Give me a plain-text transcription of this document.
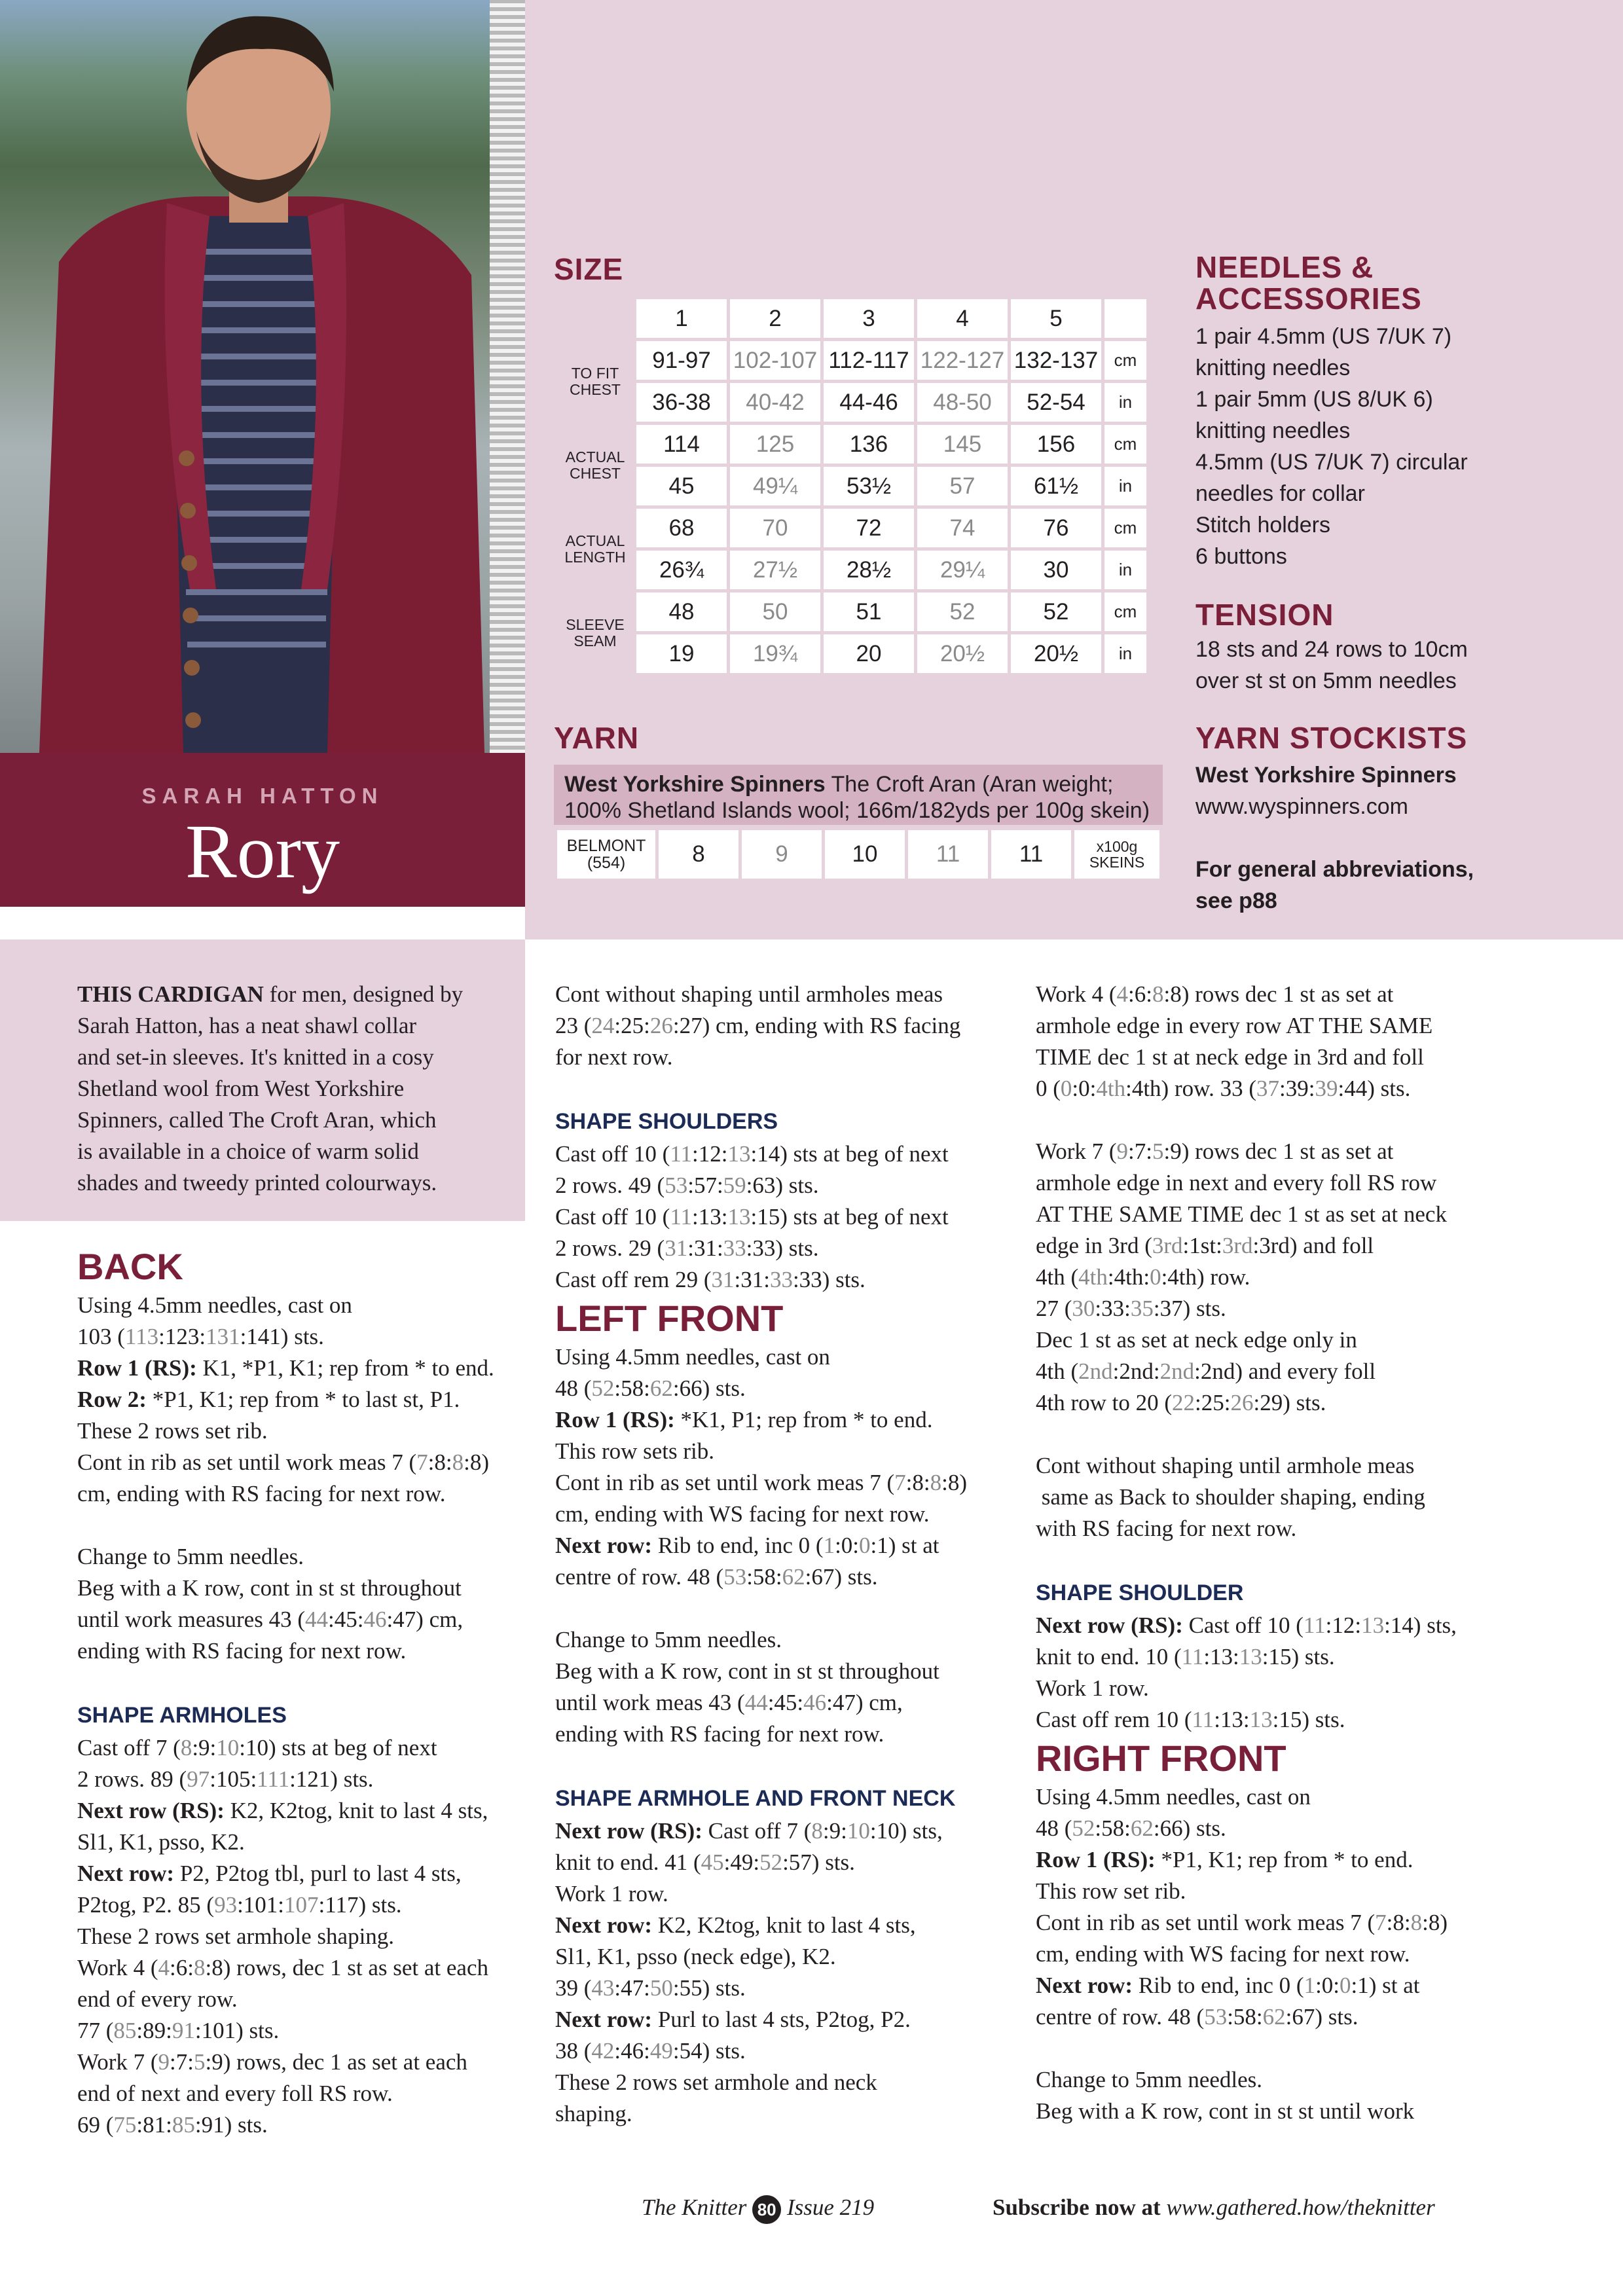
SARAH HATTON
Rory
SIZE
	1	2	3	4	5	
TO FIT
CHEST	91-97	102-107	112-117	122-127	132-137	cm
	36-38	40-42	44-46	48-50	52-54	in
ACTUAL
CHEST	114	125	136	145	156	cm
	45	49¼	53½	57	61½	in
ACTUAL
LENGTH	68	70	72	74	76	cm
	26¾	27½	28½	29¼	30	in
SLEEVE
SEAM	48	50	51	52	52	cm
	19	19¾	20	20½	20½	in
YARN
West Yorkshire Spinners The Croft Aran (Aran weight;
100% Shetland Islands wool; 166m/182yds per 100g skein)
BELMONT
(554)	8	9	10	11	11	x100g
SKEINS
NEEDLES &
ACCESSORIES
1 pair 4.5mm (US 7/UK 7)
knitting needles
1 pair 5mm (US 8/UK 6)
knitting needles
4.5mm (US 7/UK 7) circular
needles for collar
Stitch holders
6 buttons
TENSION
18 sts and 24 rows to 10cm
over st st on 5mm needles
YARN STOCKISTS
West Yorkshire Spinners
www.wyspinners.com
For general abbreviations,
see p88

THIS CARDIGAN for men, designed by

Sarah Hatton, has a neat shawl collar

and set-in sleeves. It's knitted in a cosy

Shetland wool from West Yorkshire

Spinners, called The Croft Aran, which

is available in a choice of warm solid

shades and tweedy printed colourways.

BACK

Using 4.5mm needles, cast on

103 (113:123:131:141) sts.

Row 1 (RS): K1, *P1, K1; rep from * to end.

Row 2: *P1, K1; rep from * to last st, P1.

These 2 rows set rib.

Cont in rib as set until work meas 7 (7:8:8:8)

cm, ending with RS facing for next row.

Change to 5mm needles.

Beg with a K row, cont in st st throughout

until work measures 43 (44:45:46:47) cm,

ending with RS facing for next row.

SHAPE ARMHOLES

Cast off 7 (8:9:10:10) sts at beg of next

2 rows. 89 (97:105:111:121) sts.

Next row (RS): K2, K2tog, knit to last 4 sts,

Sl1, K1, psso, K2.

Next row: P2, P2tog tbl, purl to last 4 sts,

P2tog, P2. 85 (93:101:107:117) sts.

These 2 rows set armhole shaping.

Work 4 (4:6:8:8) rows, dec 1 st as set at each

end of every row.

77 (85:89:91:101) sts.

Work 7 (9:7:5:9) rows, dec 1 as set at each

end of next and every foll RS row.

69 (75:81:85:91) sts.

Cont without shaping until armholes meas

23 (24:25:26:27) cm, ending with RS facing

for next row.

SHAPE SHOULDERS

Cast off 10 (11:12:13:14) sts at beg of next

2 rows. 49 (53:57:59:63) sts.

Cast off 10 (11:13:13:15) sts at beg of next

2 rows. 29 (31:31:33:33) sts.

Cast off rem 29 (31:31:33:33) sts.

LEFT FRONT

Using 4.5mm needles, cast on

48 (52:58:62:66) sts.

Row 1 (RS): *K1, P1; rep from * to end.

This row sets rib.

Cont in rib as set until work meas 7 (7:8:8:8)

cm, ending with WS facing for next row.

Next row: Rib to end, inc 0 (1:0:0:1) st at

centre of row. 48 (53:58:62:67) sts.

Change to 5mm needles.

Beg with a K row, cont in st st throughout

until work meas 43 (44:45:46:47) cm,

ending with RS facing for next row.

SHAPE ARMHOLE AND FRONT NECK

Next row (RS): Cast off 7 (8:9:10:10) sts,

knit to end. 41 (45:49:52:57) sts.

Work 1 row.

Next row: K2, K2tog, knit to last 4 sts,

Sl1, K1, psso (neck edge), K2.

39 (43:47:50:55) sts.

Next row: Purl to last 4 sts, P2tog, P2.

38 (42:46:49:54) sts.

These 2 rows set armhole and neck

shaping.

Work 4 (4:6:8:8) rows dec 1 st as set at

armhole edge in every row AT THE SAME

TIME dec 1 st at neck edge in 3rd and foll

0 (0:0:4th:4th) row. 33 (37:39:39:44) sts.

Work 7 (9:7:5:9) rows dec 1 st as set at

armhole edge in next and every foll RS row

AT THE SAME TIME dec 1 st as set at neck

edge in 3rd (3rd:1st:3rd:3rd) and foll

4th (4th:4th:0:4th) row.

27 (30:33:35:37) sts.

Dec 1 st as set at neck edge only in

4th (2nd:2nd:2nd:2nd) and every foll

4th row to 20 (22:25:26:29) sts.

Cont without shaping until armhole meas

same as Back to shoulder shaping, ending

with RS facing for next row.

SHAPE SHOULDER

Next row (RS): Cast off 10 (11:12:13:14) sts,

knit to end. 10 (11:13:13:15) sts.

Work 1 row.

Cast off rem 10 (11:13:13:15) sts.

RIGHT FRONT

Using 4.5mm needles, cast on

48 (52:58:62:66) sts.

Row 1 (RS): *P1, K1; rep from * to end.

This row set rib.

Cont in rib as set until work meas 7 (7:8:8:8)

cm, ending with WS facing for next row.

Next row: Rib to end, inc 0 (1:0:0:1) st at

centre of row. 48 (53:58:62:67) sts.

Change to 5mm needles.

Beg with a K row, cont in st st until work

The Knitter 80 Issue 219	Subscribe now at www.gathered.how/theknitter
